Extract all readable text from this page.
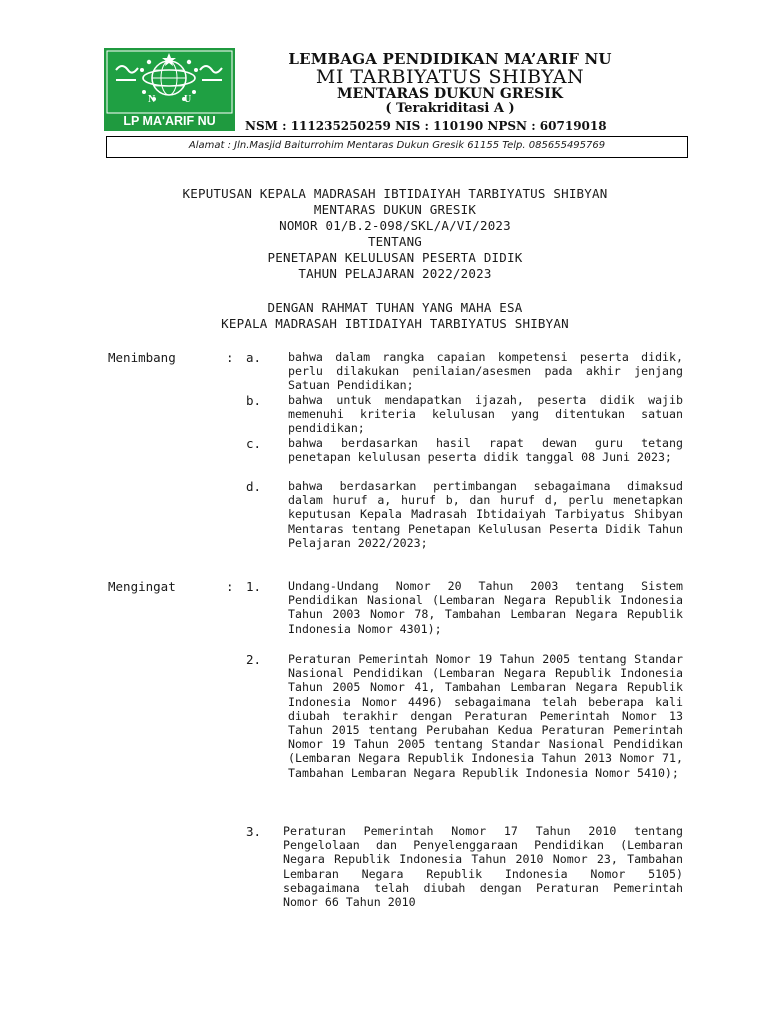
N	U
LP MA'ARIF NU
LEMBAGA PENDIDIKAN MA’ARIF NU
MI TARBIYATUS SHIBYAN
MENTARAS DUKUN GRESIK
( Terakriditasi A )
NSM : 111235250259 NIS : 110190 NPSN : 60719018
Alamat : Jln.Masjid Baiturrohim Mentaras Dukun Gresik 61155 Telp. 085655495769
KEPUTUSAN KEPALA MADRASAH IBTIDAIYAH TARBIYATUS SHIBYAN
MENTARAS DUKUN GRESIK
NOMOR 01/B.2-098/SKL/A/VI/2023
TENTANG
PENETAPAN KELULUSAN PESERTA DIDIK
TAHUN PELAJARAN 2022/2023
DENGAN RAHMAT TUHAN YANG MAHA ESA
KEPALA MADRASAH IBTIDAIYAH TARBIYATUS SHIBYAN
Menimbang	: a. bahwa dalam rangka capaian kompetensi peserta didik, perlu dilakukan penilaian/asesmen pada akhir jenjang Satuan Pendidikan;
b. bahwa untuk mendapatkan ijazah, peserta didik wajib memenuhi kriteria kelulusan yang ditentukan satuan pendidikan;
c. bahwa berdasarkan hasil rapat dewan guru tetang penetapan kelulusan peserta didik tanggal 08 Juni 2023;
d. bahwa berdasarkan pertimbangan sebagaimana dimaksud dalam huruf a, huruf b, dan huruf d, perlu menetapkan keputusan Kepala Madrasah Ibtidaiyah Tarbiyatus Shibyan Mentaras tentang Penetapan Kelulusan Peserta Didik Tahun Pelajaran 2022/2023;
Mengingat	: 1. Undang-Undang Nomor 20 Tahun 2003 tentang Sistem Pendidikan Nasional (Lembaran Negara Republik Indonesia Tahun 2003 Nomor 78, Tambahan Lembaran Negara Republik Indonesia Nomor 4301);
2. Peraturan Pemerintah Nomor 19 Tahun 2005 tentang Standar Nasional Pendidikan (Lembaran Negara Republik Indonesia Tahun 2005 Nomor 41, Tambahan Lembaran Negara Republik Indonesia Nomor 4496) sebagaimana telah beberapa kali diubah terakhir dengan Peraturan Pemerintah Nomor 13 Tahun 2015 tentang Perubahan Kedua Peraturan Pemerintah Nomor 19 Tahun 2005 tentang Standar Nasional Pendidikan (Lembaran Negara Republik Indonesia Tahun 2013 Nomor 71, Tambahan Lembaran Negara Republik Indonesia Nomor 5410);
3. Peraturan Pemerintah Nomor 17 Tahun 2010 tentang Pengelolaan dan Penyelenggaraan Pendidikan (Lembaran Negara Republik Indonesia Tahun 2010 Nomor 23, Tambahan Lembaran Negara Republik Indonesia Nomor 5105) sebagaimana telah diubah dengan Peraturan Pemerintah Nomor 66 Tahun 2010
